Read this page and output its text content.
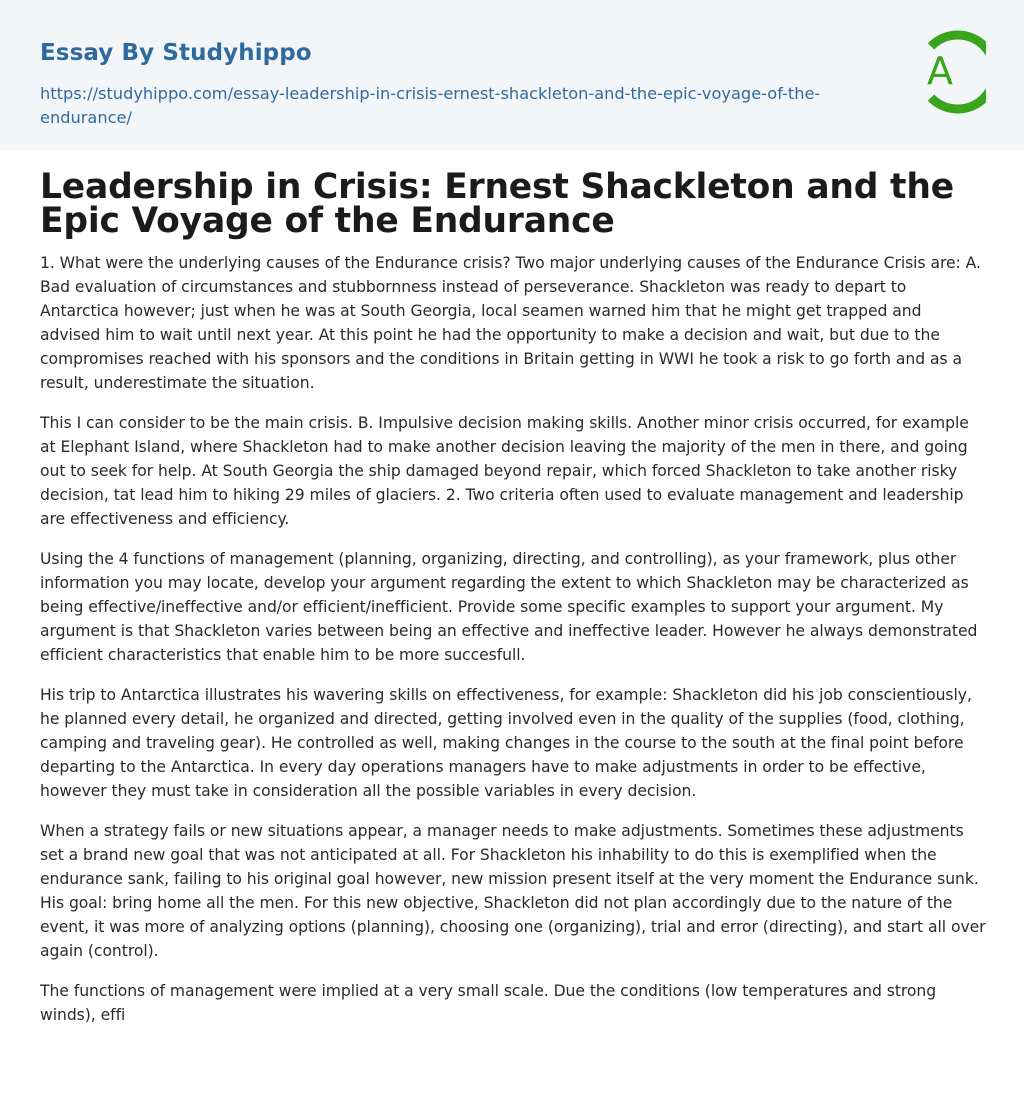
Essay By Studyhippo
https://studyhippo.com/essay-leadership-in-crisis-ernest-shackleton-and-the-epic-voyage-of-the-endurance/
A
Leadership in Crisis: Ernest Shackleton and the Epic Voyage of the Endurance

1. What were the underlying causes of the Endurance crisis? Two major underlying causes of the Endurance Crisis are: A. Bad evaluation of circumstances and stubbornness instead of perseverance. Shackleton was ready to depart to Antarctica however; just when he was at South Georgia, local seamen warned him that he might get trapped and advised him to wait until next year. At this point he had the opportunity to make a decision and wait, but due to the compromises reached with his sponsors and the conditions in Britain getting in WWI he took a risk to go forth and as a result, underestimate the situation.

This I can consider to be the main crisis. B. Impulsive decision making skills. Another minor crisis occurred, for example at Elephant Island, where Shackleton had to make another decision leaving the majority of the men in there, and going out to seek for help. At South Georgia the ship damaged beyond repair, which forced Shackleton to take another risky decision, tat lead him to hiking 29 miles of glaciers. 2. Two criteria often used to evaluate management and leadership are effectiveness and efficiency.

Using the 4 functions of management (planning, organizing, directing, and controlling), as your framework, plus other information you may locate, develop your argument regarding the extent to which Shackleton may be characterized as being effective/ineffective and/or efficient/inefficient. Provide some specific examples to support your argument. My argument is that Shackleton varies between being an effective and ineffective leader. However he always demonstrated efficient characteristics that enable him to be more succesfull.

His trip to Antarctica illustrates his wavering skills on effectiveness, for example: Shackleton did his job conscientiously, he planned every detail, he organized and directed, getting involved even in the quality of the supplies (food, clothing, camping and traveling gear). He controlled as well, making changes in the course to the south at the final point before departing to the Antarctica. In every day operations managers have to make adjustments in order to be effective, however they must take in consideration all the possible variables in every decision.

When a strategy fails or new situations appear, a manager needs to make adjustments. Sometimes these adjustments set a brand new goal that was not anticipated at all. For Shackleton his inhability to do this is exemplified when the endurance sank, failing to his original goal however, new mission present itself at the very moment the Endurance sunk. His goal: bring home all the men. For this new objective, Shackleton did not plan accordingly due to the nature of the event, it was more of analyzing options (planning), choosing one (organizing), trial and error (directing), and start all over again (control).

The functions of management were implied at a very small scale. Due the conditions (low temperatures and strong winds), effi
